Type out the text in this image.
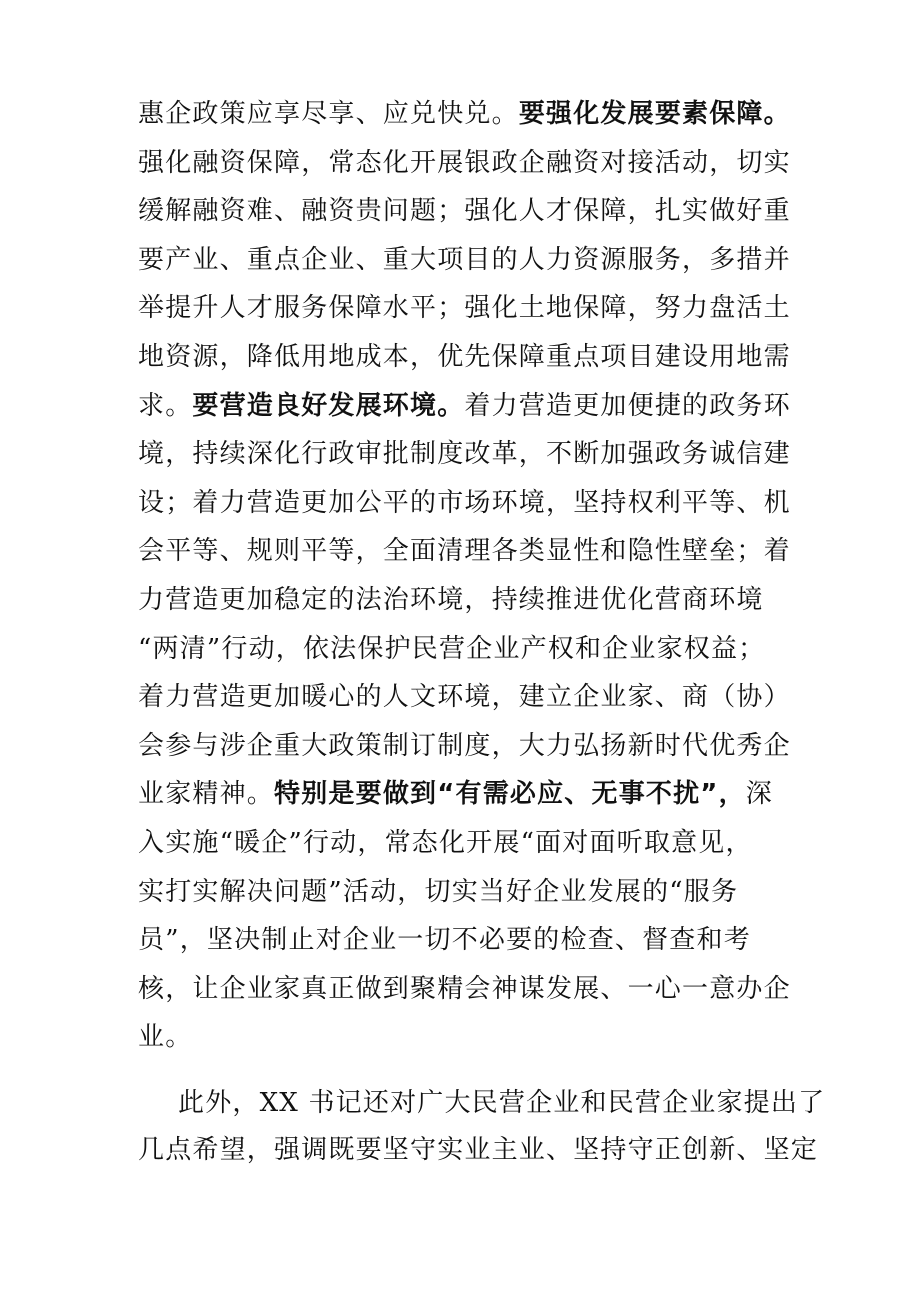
惠企政策应享尽享、应兑快兑。要强化发展要素保障。
强化融资保障，常态化开展银政企融资对接活动，切实
缓解融资难、融资贵问题；强化人才保障，扎实做好重
要产业、重点企业、重大项目的人力资源服务，多措并
举提升人才服务保障水平；强化土地保障，努力盘活土
地资源，降低用地成本，优先保障重点项目建设用地需
求。要营造良好发展环境。着力营造更加便捷的政务环
境，持续深化行政审批制度改革，不断加强政务诚信建
设；着力营造更加公平的市场环境，坚持权利平等、机
会平等、规则平等，全面清理各类显性和隐性壁垒；着
力营造更加稳定的法治环境，持续推进优化营商环境
“两清”行动，依法保护民营企业产权和企业家权益；
着力营造更加暖心的人文环境，建立企业家、商（协）
会参与涉企重大政策制订制度，大力弘扬新时代优秀企
业家精神。特别是要做到“有需必应、无事不扰”，深
入实施“暖企”行动，常态化开展“面对面听取意见，
实打实解决问题”活动，切实当好企业发展的“服务
员”，坚决制止对企业一切不必要的检查、督查和考
核，让企业家真正做到聚精会神谋发展、一心一意办企
业。
此外，XX 书记还对广大民营企业和民营企业家提出了
几点希望，强调既要坚守实业主业、坚持守正创新、坚定
